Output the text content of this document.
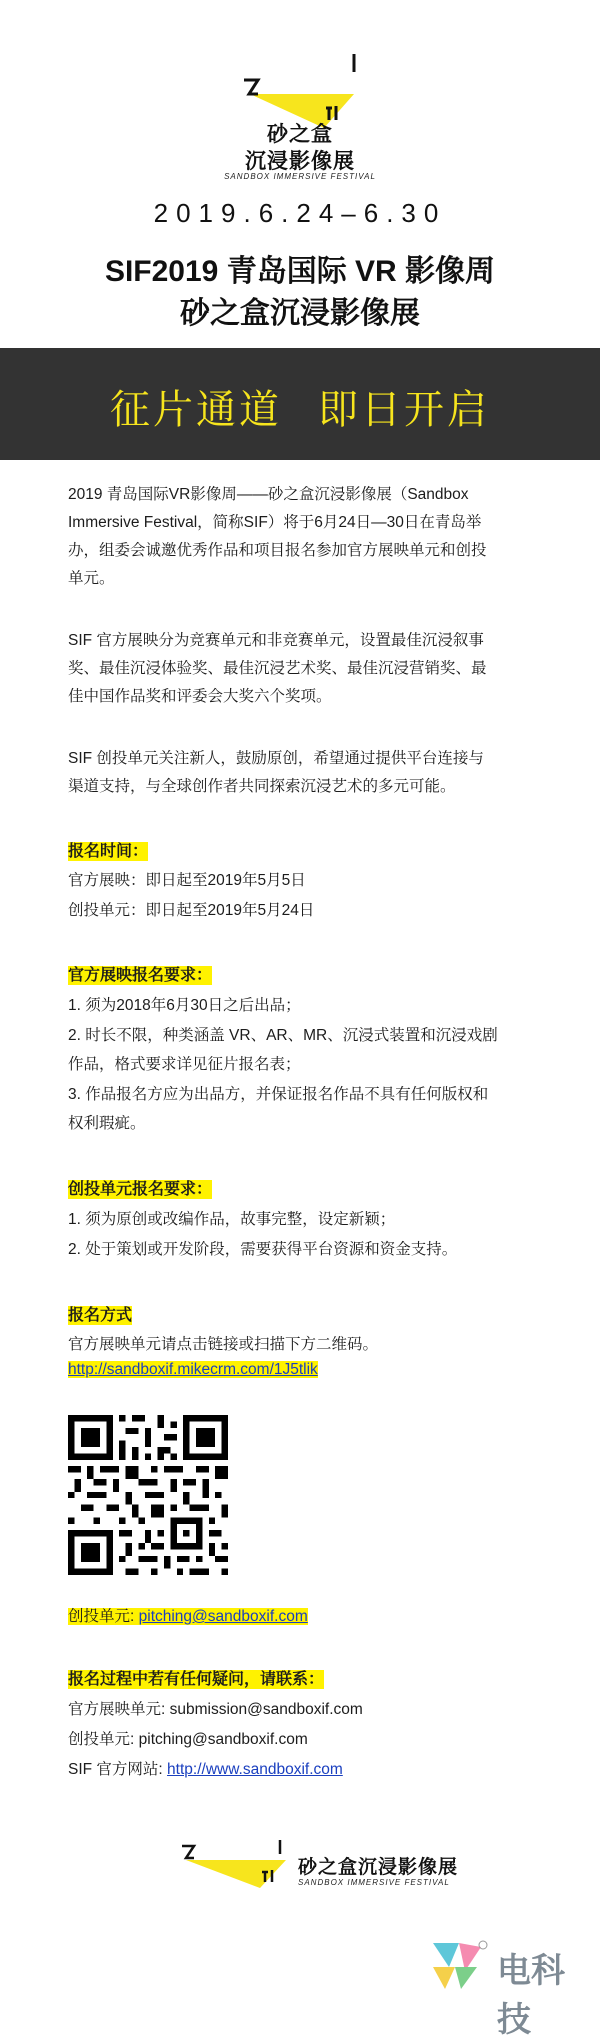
砂之盒
沉浸影像展
SANDBOX IMMERSIVE FESTIVAL
2019.6.24–6.30
SIF2019 青岛国际 VR 影像周
砂之盒沉浸影像展
征片通道 即日开启
2019 青岛国际VR影像周——砂之盒沉浸影像展（Sandbox
Immersive Festival，简称SIF）将于6月24日—30日在青岛举
办，组委会诚邀优秀作品和项目报名参加官方展映单元和创投
单元。
SIF 官方展映分为竞赛单元和非竞赛单元，设置最佳沉浸叙事
奖、最佳沉浸体验奖、最佳沉浸艺术奖、最佳沉浸营销奖、最
佳中国作品奖和评委会大奖六个奖项。
SIF 创投单元关注新人，鼓励原创，希望通过提供平台连接与
渠道支持，与全球创作者共同探索沉浸艺术的多元可能。
报名时间：
官方展映：即日起至2019年5月5日
创投单元：即日起至2019年5月24日
官方展映报名要求：
1. 须为2018年6月30日之后出品；
2. 时长不限，种类涵盖 VR、AR、MR、沉浸式装置和沉浸戏剧
作品，格式要求详见征片报名表；
3. 作品报名方应为出品方，并保证报名作品不具有任何版权和
权利瑕疵。
创投单元报名要求：
1. 须为原创或改编作品，故事完整，设定新颖；
2. 处于策划或开发阶段，需要获得平台资源和资金支持。
报名方式
官方展映单元请点击链接或扫描下方二维码。
http://sandboxif.mikecrm.com/1J5tlik
创投单元: pitching@sandboxif.com
报名过程中若有任何疑问，请联系：
官方展映单元: submission@sandboxif.com
创投单元: pitching@sandboxif.com
SIF 官方网站: http://www.sandboxif.com
砂之盒沉浸影像展
SANDBOX IMMERSIVE FESTIVAL
电科技
